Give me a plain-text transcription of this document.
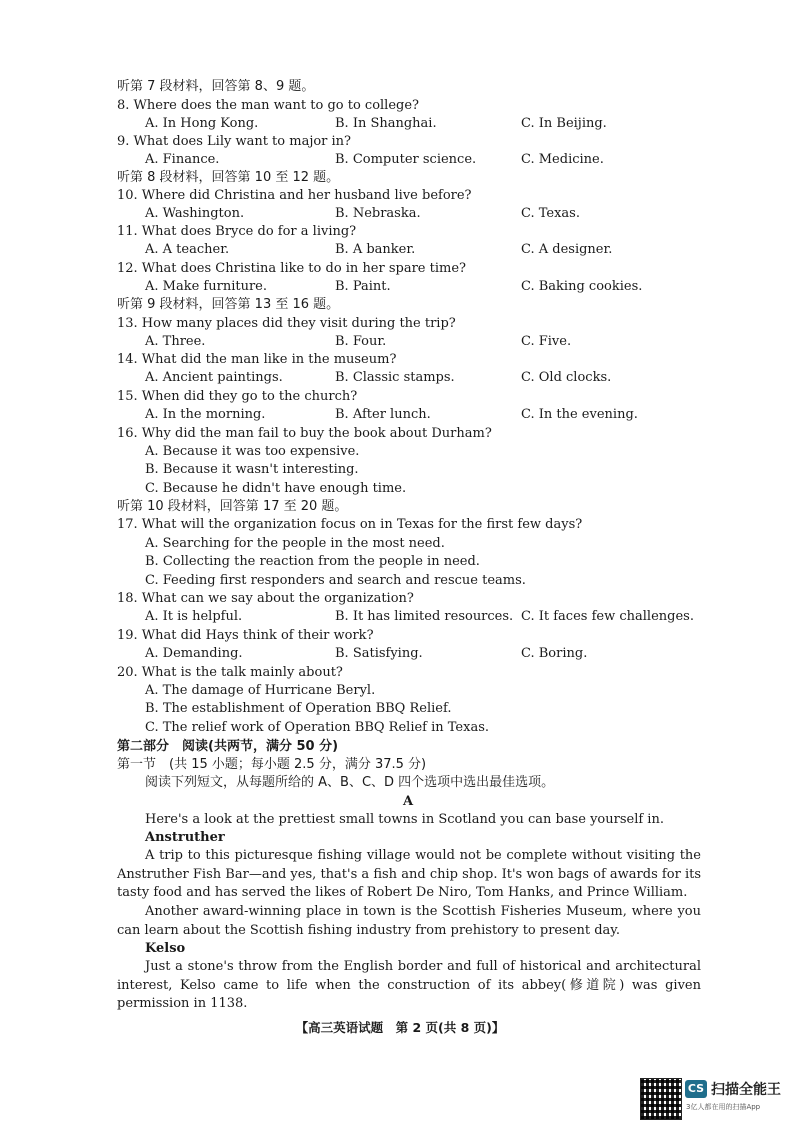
听第 7 段材料，回答第 8、9 题。
8. Where does the man want to go to college?
A. In Hong Kong.	B. In Shanghai.	C. In Beijing.
9. What does Lily want to major in?
A. Finance.	B. Computer science.	C. Medicine.
听第 8 段材料，回答第 10 至 12 题。
10. Where did Christina and her husband live before?
A. Washington.	B. Nebraska.	C. Texas.
11. What does Bryce do for a living?
A. A teacher.	B. A banker.	C. A designer.
12. What does Christina like to do in her spare time?
A. Make furniture.	B. Paint.	C. Baking cookies.
听第 9 段材料，回答第 13 至 16 题。
13. How many places did they visit during the trip?
A. Three.	B. Four.	C. Five.
14. What did the man like in the museum?
A. Ancient paintings.	B. Classic stamps.	C. Old clocks.
15. When did they go to the church?
A. In the morning.	B. After lunch.	C. In the evening.
16. Why did the man fail to buy the book about Durham?
A. Because it was too expensive.
B. Because it wasn't interesting.
C. Because he didn't have enough time.
听第 10 段材料，回答第 17 至 20 题。
17. What will the organization focus on in Texas for the first few days?
A. Searching for the people in the most need.
B. Collecting the reaction from the people in need.
C. Feeding first responders and search and rescue teams.
18. What can we say about the organization?
A. It is helpful.	B. It has limited resources. C. It faces few challenges.
19. What did Hays think of their work?
A. Demanding.	B. Satisfying.	C. Boring.
20. What is the talk mainly about?
A. The damage of Hurricane Beryl.
B. The establishment of Operation BBQ Relief.
C. The relief work of Operation BBQ Relief in Texas.
第二部分　阅读(共两节，满分 50 分)
第一节　(共 15 小题；每小题 2.5 分，满分 37.5 分)
阅读下列短文，从每题所给的 A、B、C、D 四个选项中选出最佳选项。
A
Here's a look at the prettiest small towns in Scotland you can base yourself in.
Anstruther
A trip to this picturesque fishing village would not be complete without visiting the Anstruther Fish Bar—and yes, that's a fish and chip shop. It's won bags of awards for its tasty food and has served the likes of Robert De Niro, Tom Hanks, and Prince William.
Another award-winning place in town is the Scottish Fisheries Museum, where you can learn about the Scottish fishing industry from prehistory to present day.
Kelso
Just a stone's throw from the English border and full of historical and architectural interest, Kelso came to life when the construction of its abbey(修道院) was given permission in 1138.
【高三英语试题　第 2 页(共 8 页)】
CS 扫描全能王
3亿人都在用的扫描App
